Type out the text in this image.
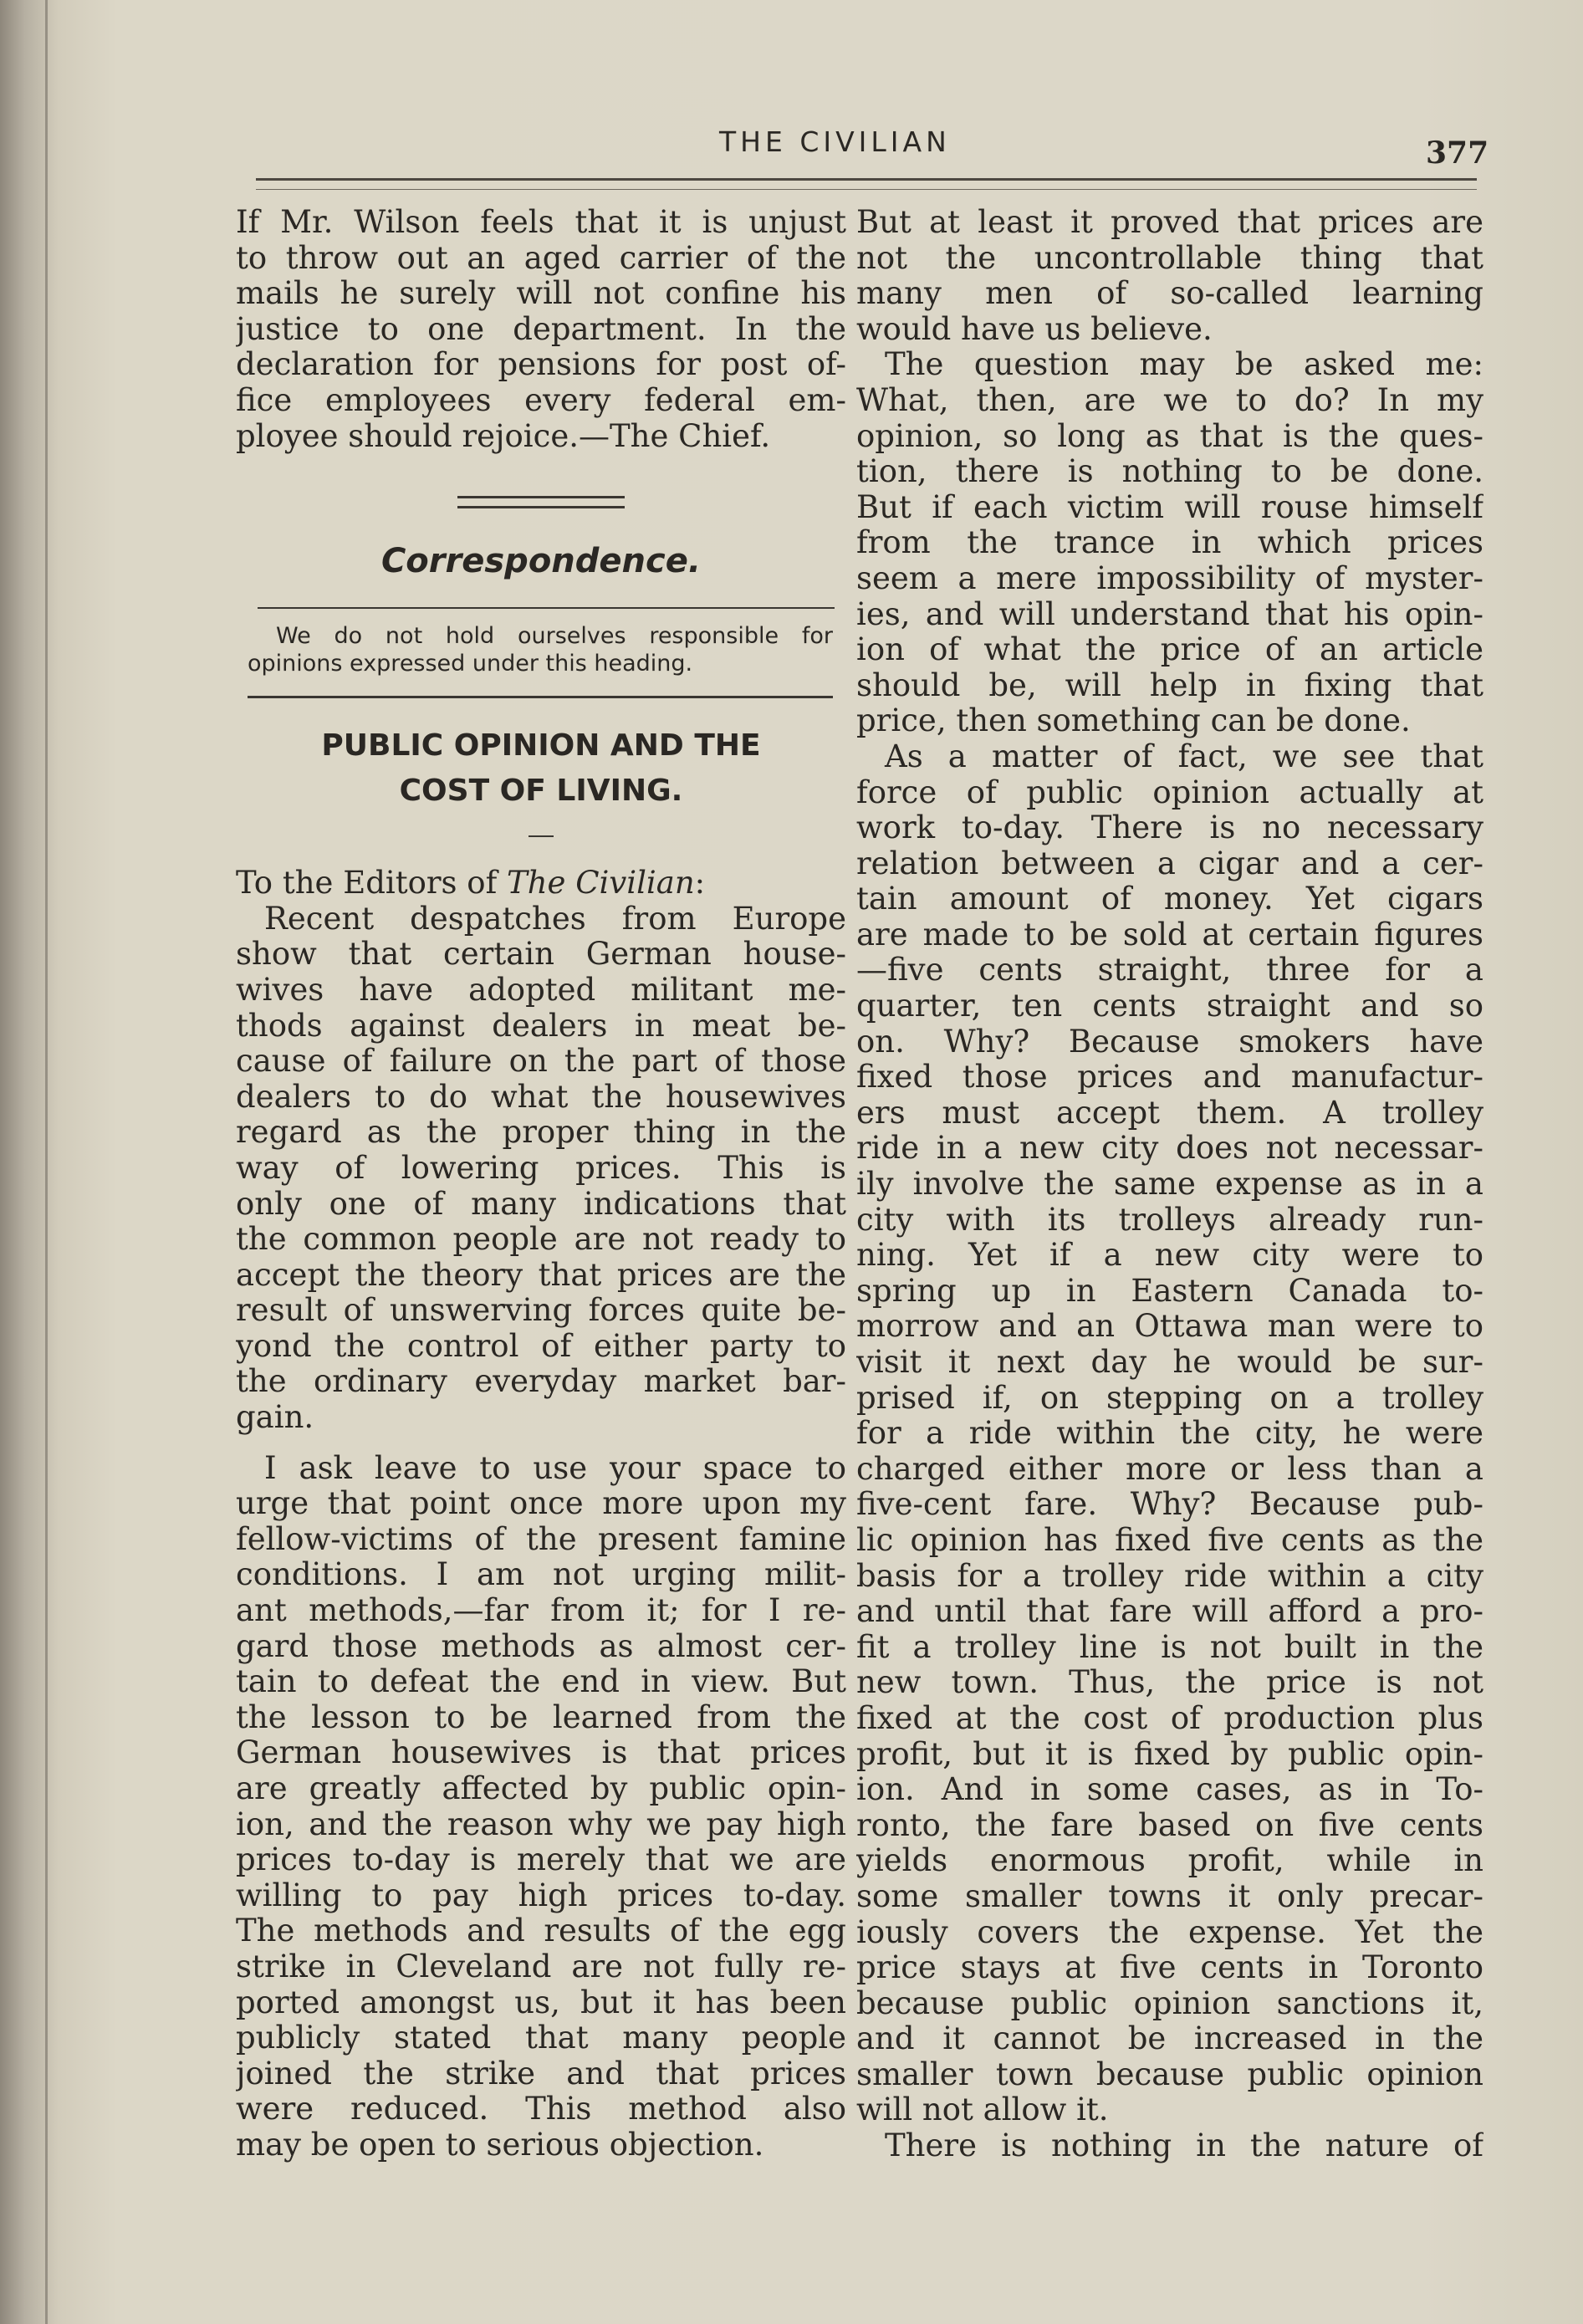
THE CIVILIAN	377
If Mr. Wilson feels that it is unjust
to throw out an aged carrier of the
mails he surely will not confine his
justice to one department. In the
declaration for pensions for post of-
fice employees every federal em-
ployee should rejoice.—The Chief.
Correspondence.
We do not hold ourselves responsible for
opinions expressed under this heading.
PUBLIC OPINION AND THE
COST OF LIVING.
To the Editors of The Civilian:
Recent despatches from Europe
show that certain German house-
wives have adopted militant me-
thods against dealers in meat be-
cause of failure on the part of those
dealers to do what the housewives
regard as the proper thing in the
way of lowering prices. This is
only one of many indications that
the common people are not ready to
accept the theory that prices are the
result of unswerving forces quite be-
yond the control of either party to
the ordinary everyday market bar-
gain.
I ask leave to use your space to
urge that point once more upon my
fellow-victims of the present famine
conditions. I am not urging milit-
ant methods,—far from it; for I re-
gard those methods as almost cer-
tain to defeat the end in view. But
the lesson to be learned from the
German housewives is that prices
are greatly affected by public opin-
ion, and the reason why we pay high
prices to-day is merely that we are
willing to pay high prices to-day.
The methods and results of the egg
strike in Cleveland are not fully re-
ported amongst us, but it has been
publicly stated that many people
joined the strike and that prices
were reduced. This method also
may be open to serious objection.
But at least it proved that prices are
not the uncontrollable thing that
many men of so-called learning
would have us believe.
The question may be asked me:
What, then, are we to do? In my
opinion, so long as that is the ques-
tion, there is nothing to be done.
But if each victim will rouse himself
from the trance in which prices
seem a mere impossibility of myster-
ies, and will understand that his opin-
ion of what the price of an article
should be, will help in fixing that
price, then something can be done.
As a matter of fact, we see that
force of public opinion actually at
work to-day. There is no necessary
relation between a cigar and a cer-
tain amount of money. Yet cigars
are made to be sold at certain figures
—five cents straight, three for a
quarter, ten cents straight and so
on. Why? Because smokers have
fixed those prices and manufactur-
ers must accept them. A trolley
ride in a new city does not necessar-
ily involve the same expense as in a
city with its trolleys already run-
ning. Yet if a new city were to
spring up in Eastern Canada to-
morrow and an Ottawa man were to
visit it next day he would be sur-
prised if, on stepping on a trolley
for a ride within the city, he were
charged either more or less than a
five-cent fare. Why? Because pub-
lic opinion has fixed five cents as the
basis for a trolley ride within a city
and until that fare will afford a pro-
fit a trolley line is not built in the
new town. Thus, the price is not
fixed at the cost of production plus
profit, but it is fixed by public opin-
ion. And in some cases, as in To-
ronto, the fare based on five cents
yields enormous profit, while in
some smaller towns it only precar-
iously covers the expense. Yet the
price stays at five cents in Toronto
because public opinion sanctions it,
and it cannot be increased in the
smaller town because public opinion
will not allow it.
There is nothing in the nature of
